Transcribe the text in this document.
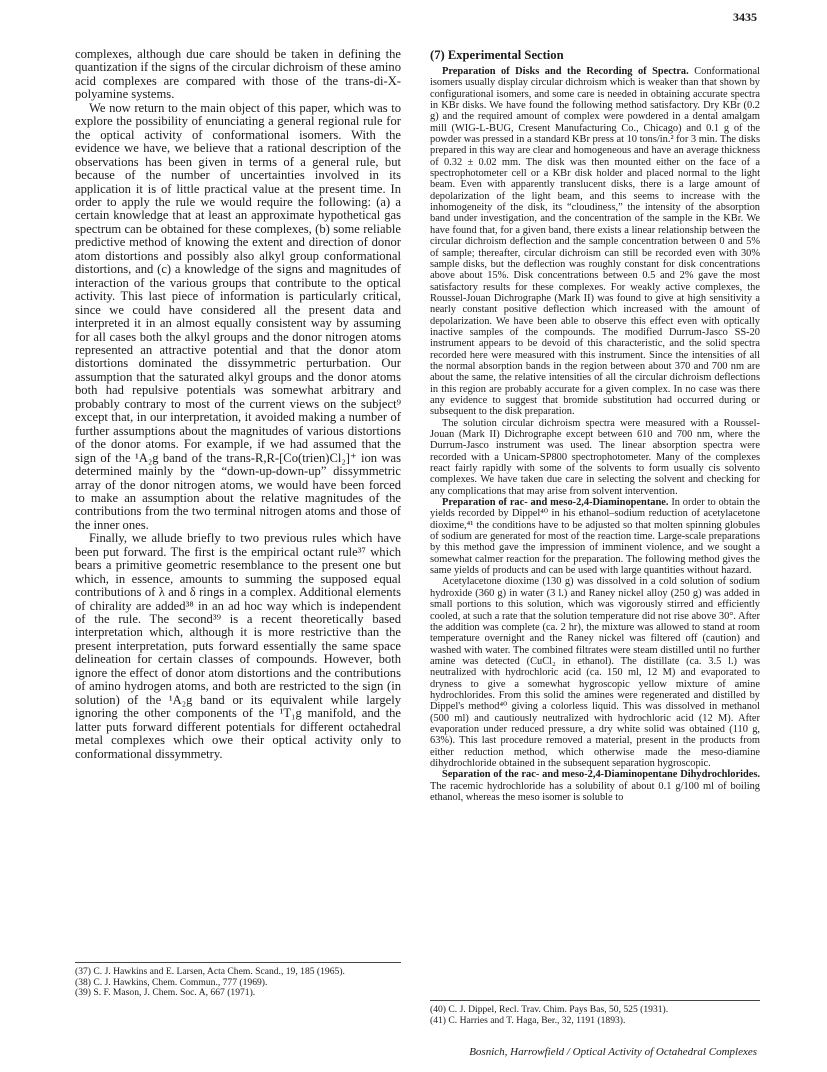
3435

complexes, although due care should be taken in defining the quantization if the signs of the circular dichroism of these amino acid complexes are compared with those of the trans-di-X-polyamine systems.

We now return to the main object of this paper, which was to explore the possibility of enunciating a general regional rule for the optical activity of conformational isomers. With the evidence we have, we believe that a rational description of the observations has been given in terms of a general rule, but because of the number of uncertainties involved in its application it is of little practical value at the present time. In order to apply the rule we would require the following: (a) a certain knowledge that at least an approximate hypothetical gas spectrum can be obtained for these complexes, (b) some reliable predictive method of knowing the extent and direction of donor atom distortions and possibly also alkyl group conformational distortions, and (c) a knowledge of the signs and magnitudes of interaction of the various groups that contribute to the optical activity. This last piece of information is particularly critical, since we could have considered all the present data and interpreted it in an almost equally consistent way by assuming for all cases both the alkyl groups and the donor nitrogen atoms represented an attractive potential and that the donor atom distortions dominated the dissymmetric perturbation. Our assumption that the saturated alkyl groups and the donor atoms both had repulsive potentials was somewhat arbitrary and probably contrary to most of the current views on the subject⁹ except that, in our interpretation, it avoided making a number of further assumptions about the magnitudes of various distortions of the donor atoms. For example, if we had assumed that the sign of the ¹A₂g band of the trans-R,R-[Co(trien)Cl₂]⁺ ion was determined mainly by the “down-up-down-up” dissymmetric array of the donor nitrogen atoms, we would have been forced to make an assumption about the relative magnitudes of the contributions from the two terminal nitrogen atoms and those of the inner ones.

Finally, we allude briefly to two previous rules which have been put forward. The first is the empirical octant rule³⁷ which bears a primitive geometric resemblance to the present one but which, in essence, amounts to summing the supposed equal contributions of λ and δ rings in a complex. Additional elements of chirality are added³⁸ in an ad hoc way which is independent of the rule. The second³⁹ is a recent theoretically based interpretation which, although it is more restrictive than the present interpretation, puts forward essentially the same space delineation for certain classes of compounds. However, both ignore the effect of donor atom distortions and the contributions of amino hydrogen atoms, and both are restricted to the sign (in solution) of the ¹A₂g band or its equivalent while largely ignoring the other components of the ¹T₁g manifold, and the latter puts forward different potentials for different octahedral metal complexes which owe their optical activity only to conformational dissymmetry.

(7) Experimental Section

Preparation of Disks and the Recording of Spectra. Conformational isomers usually display circular dichroism which is weaker than that shown by configurational isomers, and some care is needed in obtaining accurate spectra in KBr disks. We have found the following method satisfactory. Dry KBr (0.2 g) and the required amount of complex were powdered in a dental amalgam mill (WIG-L-BUG, Cresent Manufacturing Co., Chicago) and 0.1 g of the powder was pressed in a standard KBr press at 10 tons/in.² for 3 min. The disks prepared in this way are clear and homogeneous and have an average thickness of 0.32 ± 0.02 mm. The disk was then mounted either on the face of a spectrophotometer cell or a KBr disk holder and placed normal to the light beam. Even with apparently translucent disks, there is a large amount of depolarization of the light beam, and this seems to increase with the inhomogeneity of the disk, its “cloudiness,” the intensity of the absorption band under investigation, and the concentration of the sample in the KBr. We have found that, for a given band, there exists a linear relationship between the circular dichroism deflection and the sample concentration between 0 and 5% of sample; thereafter, circular dichroism can still be recorded even with 30% sample disks, but the deflection was roughly constant for disk concentrations above about 15%. Disk concentrations between 0.5 and 2% gave the most satisfactory results for these complexes. For weakly active complexes, the Roussel-Jouan Dichrographe (Mark II) was found to give at high sensitivity a nearly constant positive deflection which increased with the amount of depolarization. We have been able to observe this effect even with optically inactive samples of the compounds. The modified Durrum-Jasco SS-20 instrument appears to be devoid of this characteristic, and the solid spectra recorded here were measured with this instrument. Since the intensities of all the normal absorption bands in the region between about 370 and 700 nm are about the same, the relative intensities of all the circular dichroism deflections in this region are probably accurate for a given complex. In no case was there any evidence to suggest that bromide substitution had occurred during or subsequent to the disk preparation.

The solution circular dichroism spectra were measured with a Roussel-Jouan (Mark II) Dichrographe except between 610 and 700 nm, where the Durrum-Jasco instrument was used. The linear absorption spectra were recorded with a Unicam-SP800 spectrophotometer. Many of the complexes react fairly rapidly with some of the solvents to form usually cis solvento complexes. We have taken due care in selecting the solvent and checking for any complications that may arise from solvent intervention.

Preparation of rac- and meso-2,4-Diaminopentane. In order to obtain the yields recorded by Dippel⁴⁰ in his ethanol–sodium reduction of acetylacetone dioxime,⁴¹ the conditions have to be adjusted so that molten spinning globules of sodium are generated for most of the reaction time. Large-scale preparations by this method gave the impression of imminent violence, and we sought a somewhat calmer reaction for the preparation. The following method gives the same yields of products and can be used with large quantities without hazard.

Acetylacetone dioxime (130 g) was dissolved in a cold solution of sodium hydroxide (360 g) in water (3 l.) and Raney nickel alloy (250 g) was added in small portions to this solution, which was vigorously stirred and efficiently cooled, at such a rate that the solution temperature did not rise above 30°. After the addition was complete (ca. 2 hr), the mixture was allowed to stand at room temperature overnight and the Raney nickel was filtered off (caution) and washed with water. The combined filtrates were steam distilled until no further amine was detected (CuCl₂ in ethanol). The distillate (ca. 3.5 l.) was neutralized with hydrochloric acid (ca. 150 ml, 12 M) and evaporated to dryness to give a somewhat hygroscopic yellow mixture of amine hydrochlorides. From this solid the amines were regenerated and distilled by Dippel's method⁴⁰ giving a colorless liquid. This was dissolved in methanol (500 ml) and cautiously neutralized with hydrochloric acid (12 M). After evaporation under reduced pressure, a dry white solid was obtained (110 g, 63%). This last procedure removed a material, present in the products from either reduction method, which otherwise made the meso-diamine dihydrochloride obtained in the subsequent separation hygroscopic.

Separation of the rac- and meso-2,4-Diaminopentane Dihydrochlorides. The racemic hydrochloride has a solubility of about 0.1 g/100 ml of boiling ethanol, whereas the meso isomer is soluble to

(37) C. J. Hawkins and E. Larsen, Acta Chem. Scand., 19, 185 (1965).

(38) C. J. Hawkins, Chem. Commun., 777 (1969).

(39) S. F. Mason, J. Chem. Soc. A, 667 (1971).

(40) C. J. Dippel, Recl. Trav. Chim. Pays Bas, 50, 525 (1931).

(41) C. Harries and T. Haga, Ber., 32, 1191 (1893).

Bosnich, Harrowfield / Optical Activity of Octahedral Complexes
